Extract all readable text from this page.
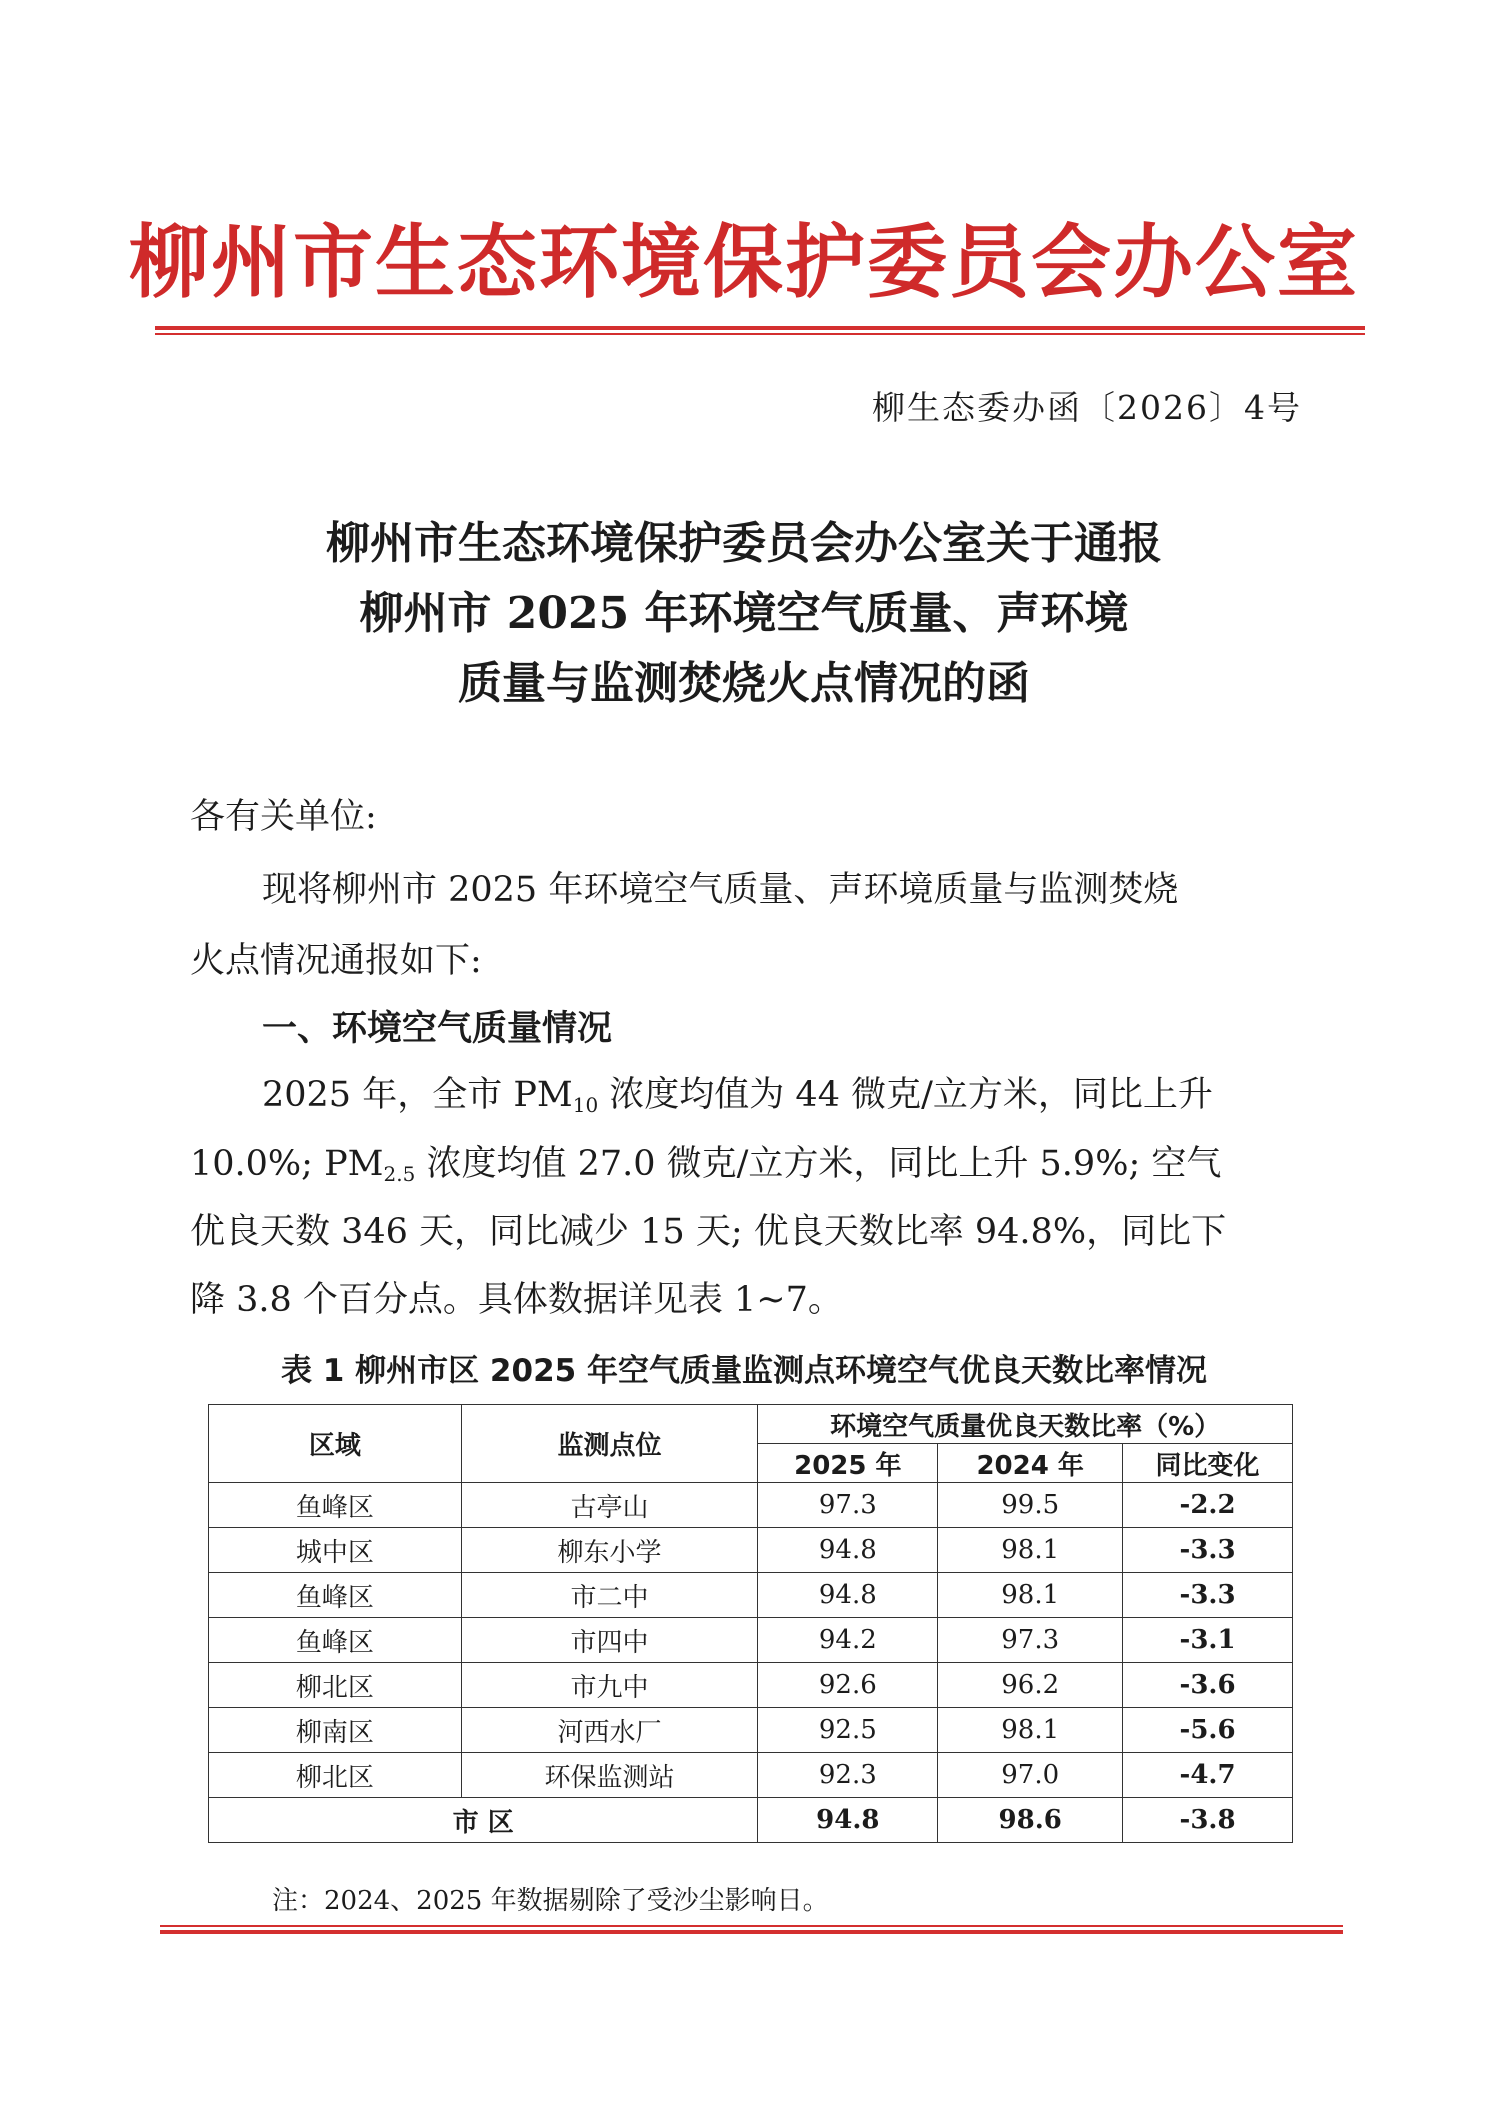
柳州市生态环境保护委员会办公室
柳生态委办函〔2026〕4号
柳州市生态环境保护委员会办公室关于通报
柳州市 2025 年环境空气质量、声环境
质量与监测焚烧火点情况的函
各有关单位:
现将柳州市 2025 年环境空气质量、声环境质量与监测焚烧
火点情况通报如下:
一、环境空气质量情况
2025 年，全市 $PM_{10}$ 浓度均值为 44 微克/立方米，同比上升
10.0%; $PM_{2.5}$ 浓度均值 27.0 微克/立方米，同比上升 5.9%; 空气
优良天数 346 天，同比减少 15 天; 优良天数比率 94.8%，同比下
降 3.8 个百分点。具体数据详见表 1~7。
表 1 柳州市区 2025 年空气质量监测点环境空气优良天数比率情况
区域	监测点位	环境空气质量优良天数比率（%）		
		2025 年	2024 年	同比变化
鱼峰区	古亭山	97.3	99.5	-2.2
城中区	柳东小学	94.8	98.1	-3.3
鱼峰区	市二中	94.8	98.1	-3.3
鱼峰区	市四中	94.2	97.3	-3.1
柳北区	市九中	92.6	96.2	-3.6
柳南区	河西水厂	92.5	98.1	-5.6
柳北区	环保监测站	92.3	97.0	-4.7
市 区		94.8	98.6	-3.8
注：2024、2025 年数据剔除了受沙尘影响日。
